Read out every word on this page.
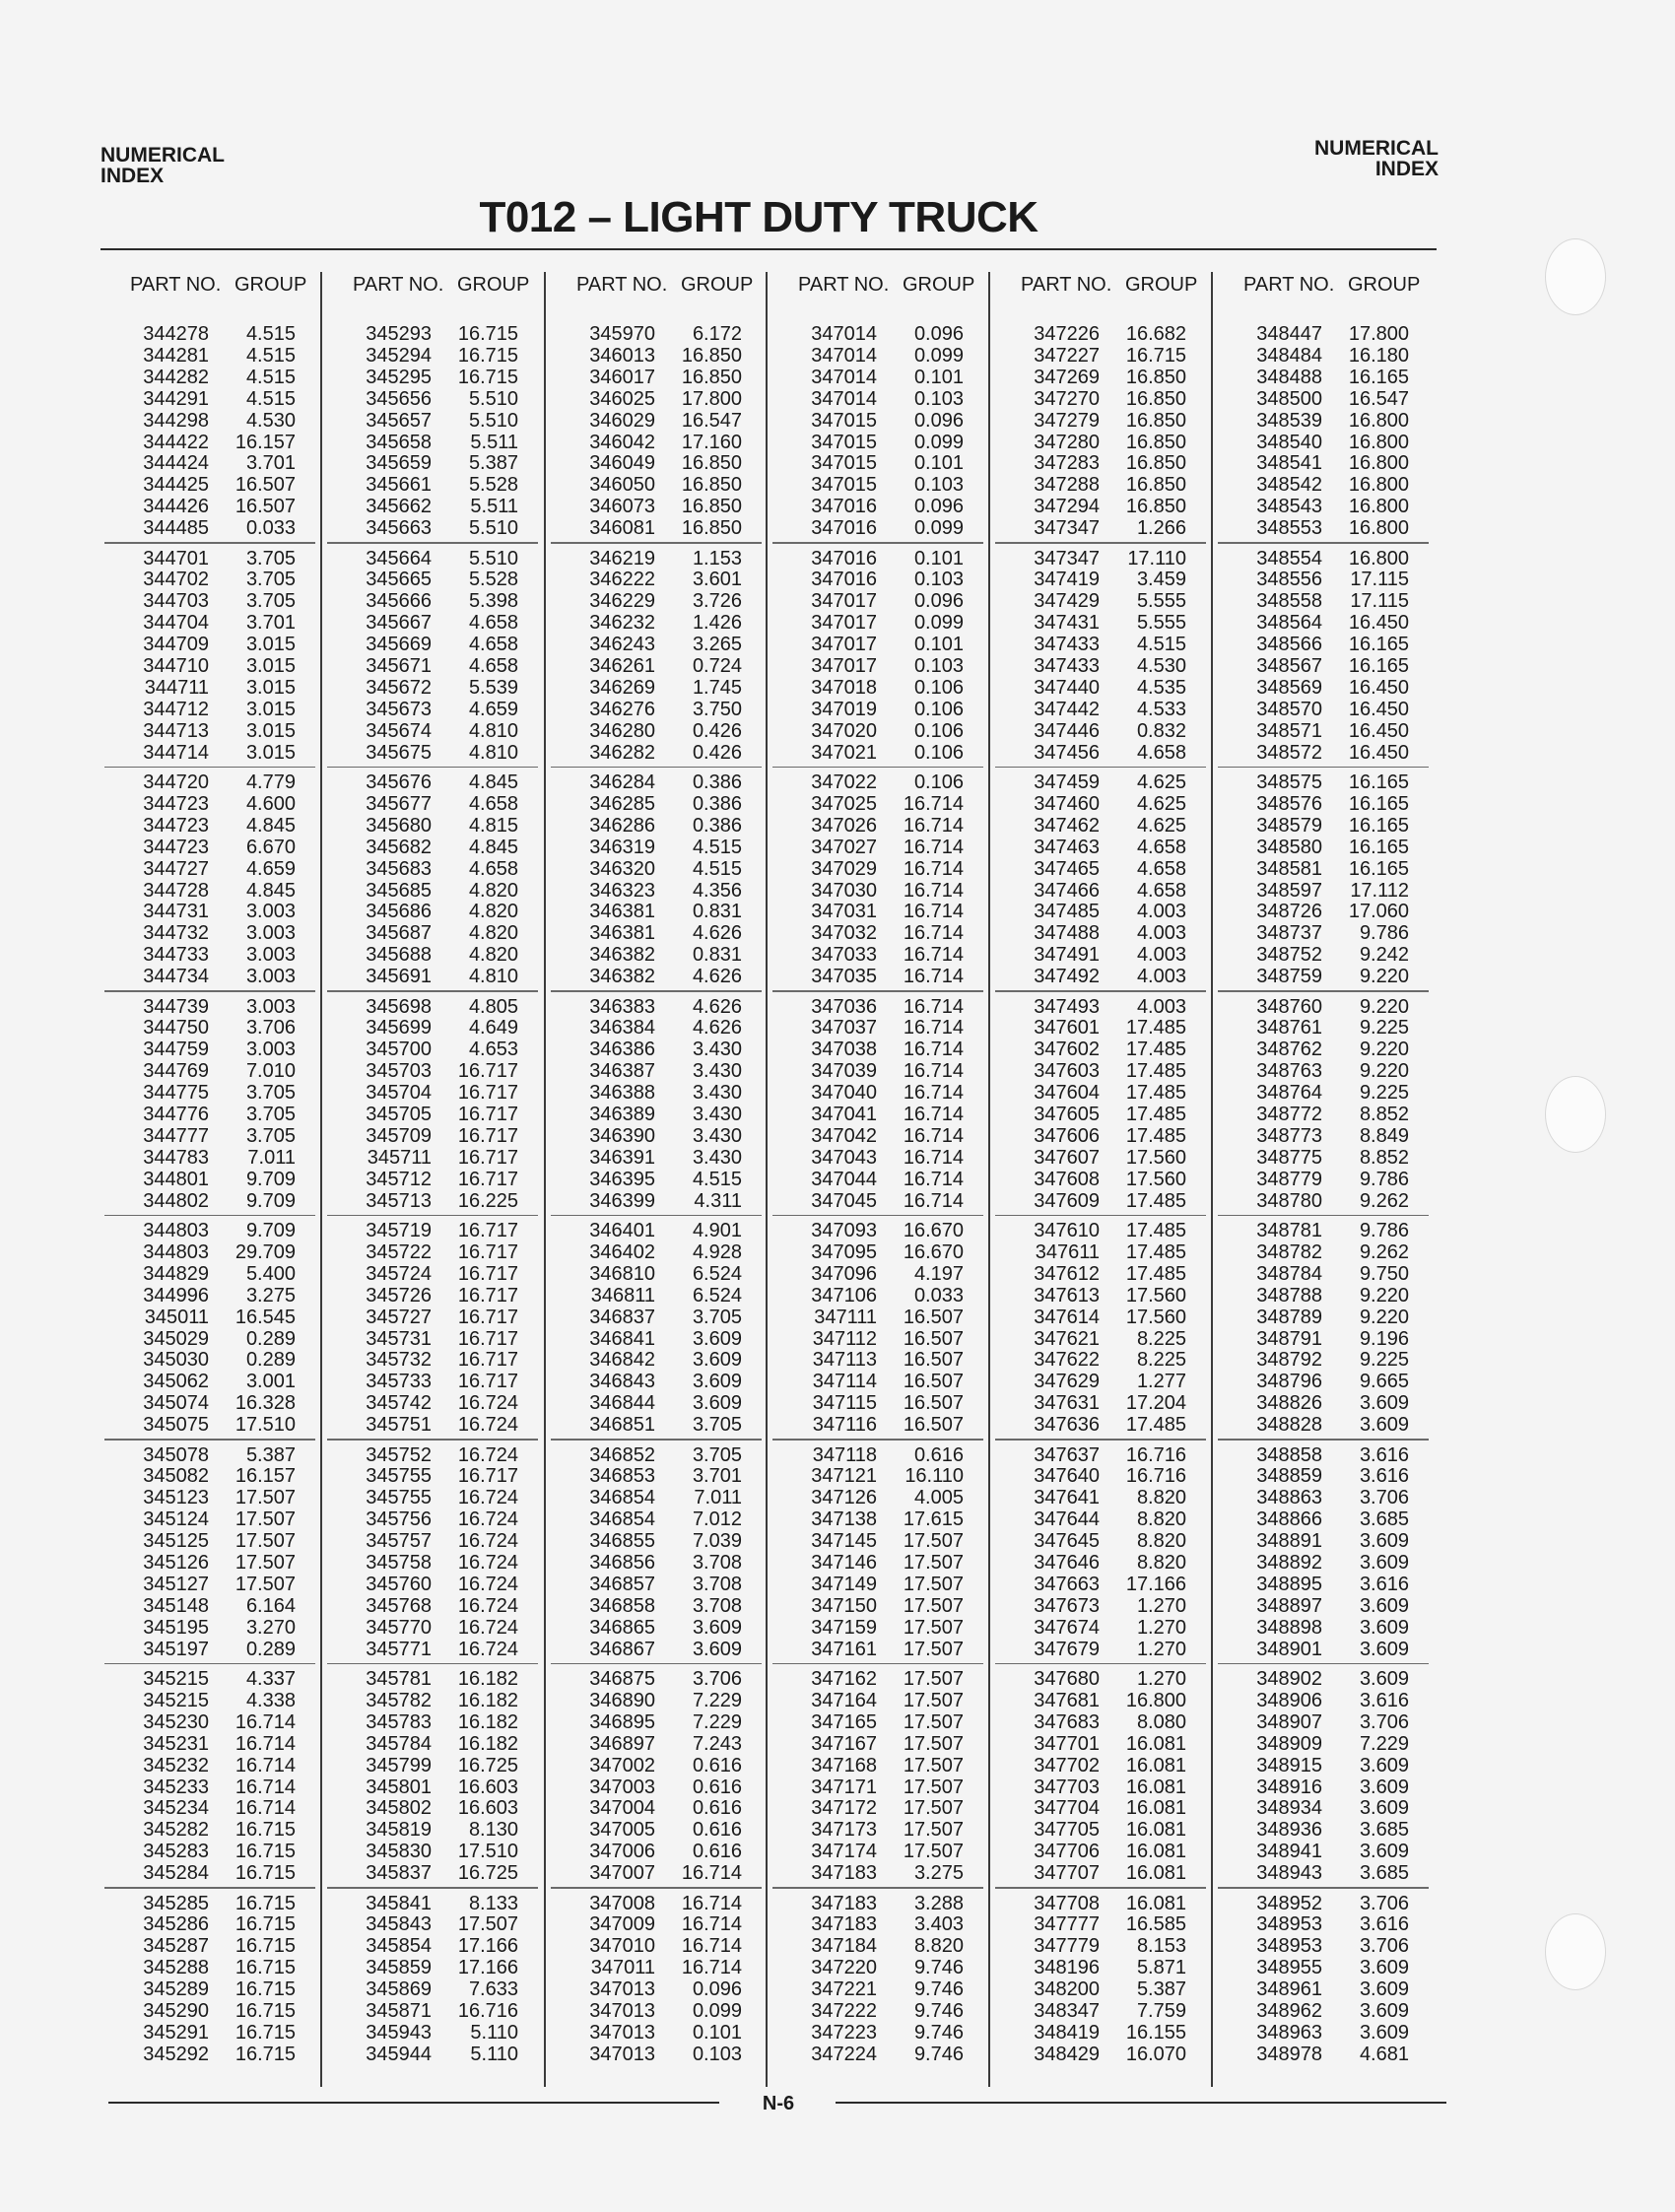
NUMERICAL
INDEX
NUMERICAL
INDEX
T012 – LIGHT DUTY TRUCK
PART NO. GROUP
344278	4.515
344281	4.515
344282	4.515
344291	4.515
344298	4.530
344422	16.157
344424	3.701
344425	16.507
344426	16.507
344485	0.033
344701	3.705
344702	3.705
344703	3.705
344704	3.701
344709	3.015
344710	3.015
344711	3.015
344712	3.015
344713	3.015
344714	3.015
344720	4.779
344723	4.600
344723	4.845
344723	6.670
344727	4.659
344728	4.845
344731	3.003
344732	3.003
344733	3.003
344734	3.003
344739	3.003
344750	3.706
344759	3.003
344769	7.010
344775	3.705
344776	3.705
344777	3.705
344783	7.011
344801	9.709
344802	9.709
344803	9.709
344803	29.709
344829	5.400
344996	3.275
345011	16.545
345029	0.289
345030	0.289
345062	3.001
345074	16.328
345075	17.510
345078	5.387
345082	16.157
345123	17.507
345124	17.507
345125	17.507
345126	17.507
345127	17.507
345148	6.164
345195	3.270
345197	0.289
345215	4.337
345215	4.338
345230	16.714
345231	16.714
345232	16.714
345233	16.714
345234	16.714
345282	16.715
345283	16.715
345284	16.715
345285	16.715
345286	16.715
345287	16.715
345288	16.715
345289	16.715
345290	16.715
345291	16.715
345292	16.715
PART NO. GROUP
345293	16.715
345294	16.715
345295	16.715
345656	5.510
345657	5.510
345658	5.511
345659	5.387
345661	5.528
345662	5.511
345663	5.510
345664	5.510
345665	5.528
345666	5.398
345667	4.658
345669	4.658
345671	4.658
345672	5.539
345673	4.659
345674	4.810
345675	4.810
345676	4.845
345677	4.658
345680	4.815
345682	4.845
345683	4.658
345685	4.820
345686	4.820
345687	4.820
345688	4.820
345691	4.810
345698	4.805
345699	4.649
345700	4.653
345703	16.717
345704	16.717
345705	16.717
345709	16.717
345711	16.717
345712	16.717
345713	16.225
345719	16.717
345722	16.717
345724	16.717
345726	16.717
345727	16.717
345731	16.717
345732	16.717
345733	16.717
345742	16.724
345751	16.724
345752	16.724
345755	16.717
345755	16.724
345756	16.724
345757	16.724
345758	16.724
345760	16.724
345768	16.724
345770	16.724
345771	16.724
345781	16.182
345782	16.182
345783	16.182
345784	16.182
345799	16.725
345801	16.603
345802	16.603
345819	8.130
345830	17.510
345837	16.725
345841	8.133
345843	17.507
345854	17.166
345859	17.166
345869	7.633
345871	16.716
345943	5.110
345944	5.110
PART NO. GROUP
345970	6.172
346013	16.850
346017	16.850
346025	17.800
346029	16.547
346042	17.160
346049	16.850
346050	16.850
346073	16.850
346081	16.850
346219	1.153
346222	3.601
346229	3.726
346232	1.426
346243	3.265
346261	0.724
346269	1.745
346276	3.750
346280	0.426
346282	0.426
346284	0.386
346285	0.386
346286	0.386
346319	4.515
346320	4.515
346323	4.356
346381	0.831
346381	4.626
346382	0.831
346382	4.626
346383	4.626
346384	4.626
346386	3.430
346387	3.430
346388	3.430
346389	3.430
346390	3.430
346391	3.430
346395	4.515
346399	4.311
346401	4.901
346402	4.928
346810	6.524
346811	6.524
346837	3.705
346841	3.609
346842	3.609
346843	3.609
346844	3.609
346851	3.705
346852	3.705
346853	3.701
346854	7.011
346854	7.012
346855	7.039
346856	3.708
346857	3.708
346858	3.708
346865	3.609
346867	3.609
346875	3.706
346890	7.229
346895	7.229
346897	7.243
347002	0.616
347003	0.616
347004	0.616
347005	0.616
347006	0.616
347007	16.714
347008	16.714
347009	16.714
347010	16.714
347011	16.714
347013	0.096
347013	0.099
347013	0.101
347013	0.103
PART NO. GROUP
347014	0.096
347014	0.099
347014	0.101
347014	0.103
347015	0.096
347015	0.099
347015	0.101
347015	0.103
347016	0.096
347016	0.099
347016	0.101
347016	0.103
347017	0.096
347017	0.099
347017	0.101
347017	0.103
347018	0.106
347019	0.106
347020	0.106
347021	0.106
347022	0.106
347025	16.714
347026	16.714
347027	16.714
347029	16.714
347030	16.714
347031	16.714
347032	16.714
347033	16.714
347035	16.714
347036	16.714
347037	16.714
347038	16.714
347039	16.714
347040	16.714
347041	16.714
347042	16.714
347043	16.714
347044	16.714
347045	16.714
347093	16.670
347095	16.670
347096	4.197
347106	0.033
347111	16.507
347112	16.507
347113	16.507
347114	16.507
347115	16.507
347116	16.507
347118	0.616
347121	16.110
347126	4.005
347138	17.615
347145	17.507
347146	17.507
347149	17.507
347150	17.507
347159	17.507
347161	17.507
347162	17.507
347164	17.507
347165	17.507
347167	17.507
347168	17.507
347171	17.507
347172	17.507
347173	17.507
347174	17.507
347183	3.275
347183	3.288
347183	3.403
347184	8.820
347220	9.746
347221	9.746
347222	9.746
347223	9.746
347224	9.746
PART NO. GROUP
347226	16.682
347227	16.715
347269	16.850
347270	16.850
347279	16.850
347280	16.850
347283	16.850
347288	16.850
347294	16.850
347347	1.266
347347	17.110
347419	3.459
347429	5.555
347431	5.555
347433	4.515
347433	4.530
347440	4.535
347442	4.533
347446	0.832
347456	4.658
347459	4.625
347460	4.625
347462	4.625
347463	4.658
347465	4.658
347466	4.658
347485	4.003
347488	4.003
347491	4.003
347492	4.003
347493	4.003
347601	17.485
347602	17.485
347603	17.485
347604	17.485
347605	17.485
347606	17.485
347607	17.560
347608	17.560
347609	17.485
347610	17.485
347611	17.485
347612	17.485
347613	17.560
347614	17.560
347621	8.225
347622	8.225
347629	1.277
347631	17.204
347636	17.485
347637	16.716
347640	16.716
347641	8.820
347644	8.820
347645	8.820
347646	8.820
347663	17.166
347673	1.270
347674	1.270
347679	1.270
347680	1.270
347681	16.800
347683	8.080
347701	16.081
347702	16.081
347703	16.081
347704	16.081
347705	16.081
347706	16.081
347707	16.081
347708	16.081
347777	16.585
347779	8.153
348196	5.871
348200	5.387
348347	7.759
348419	16.155
348429	16.070
PART NO. GROUP
348447	17.800
348484	16.180
348488	16.165
348500	16.547
348539	16.800
348540	16.800
348541	16.800
348542	16.800
348543	16.800
348553	16.800
348554	16.800
348556	17.115
348558	17.115
348564	16.450
348566	16.165
348567	16.165
348569	16.450
348570	16.450
348571	16.450
348572	16.450
348575	16.165
348576	16.165
348579	16.165
348580	16.165
348581	16.165
348597	17.112
348726	17.060
348737	9.786
348752	9.242
348759	9.220
348760	9.220
348761	9.225
348762	9.220
348763	9.220
348764	9.225
348772	8.852
348773	8.849
348775	8.852
348779	9.786
348780	9.262
348781	9.786
348782	9.262
348784	9.750
348788	9.220
348789	9.220
348791	9.196
348792	9.225
348796	9.665
348826	3.609
348828	3.609
348858	3.616
348859	3.616
348863	3.706
348866	3.685
348891	3.609
348892	3.609
348895	3.616
348897	3.609
348898	3.609
348901	3.609
348902	3.609
348906	3.616
348907	3.706
348909	7.229
348915	3.609
348916	3.609
348934	3.609
348936	3.685
348941	3.609
348943	3.685
348952	3.706
348953	3.616
348953	3.706
348955	3.609
348961	3.609
348962	3.609
348963	3.609
348978	4.681
N-6
